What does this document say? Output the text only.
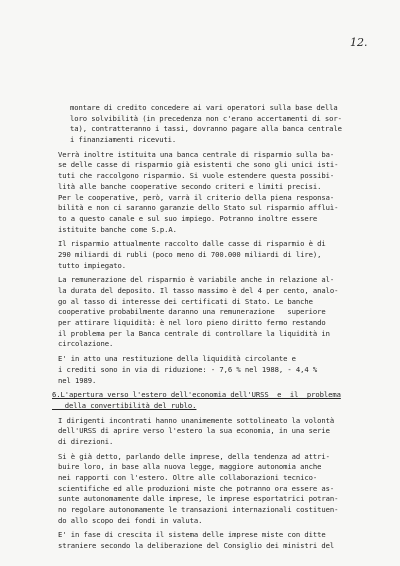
12.
montare di credito concedere ai vari operatori sulla base della
loro solvibilità (in precedenza non c'erano accertamenti di sor-
ta), contratteranno i tassi, dovranno pagare alla banca centrale
i finanziamenti ricevuti.
Verrà inoltre istituita una banca centrale di risparmio sulla ba-
se delle casse di risparmio già esistenti che sono gli unici isti-
tuti che raccolgono risparmio. Si vuole estendere questa possibi-
lità alle banche cooperative secondo criteri e limiti precisi.
Per le cooperative, però, varrà il criterio della piena responsa-
bilità e non ci saranno garanzie dello Stato sul risparmio affluì-
to a questo canale e sul suo impiego. Potranno inoltre essere
istituite banche come S.p.A.
Il risparmio attualmente raccolto dalle casse di risparmio è di
290 miliardi di rubli (poco meno di 700.000 miliardi di lire),
tutto impiegato.
La remunerazione del risparmio è variabile anche in relazione al-
la durata del deposito. Il tasso massimo è del 4 per cento, analo-
go al tasso di interesse dei certificati di Stato. Le banche
cooperative probabilmente daranno una remunerazione   superiore
per attirare liquidità: è nel loro pieno diritto fermo restando
il problema per la Banca centrale di controllare la liquidità in
circolazione.
E' in atto una restituzione della liquidità circolante e
i crediti sono in via di riduzione: - 7,6 % nel 1988, - 4,4 %
nel 1989.
6.L'apertura verso l'estero dell'economia dell'URSS  e  il  problema
della convertibilità del rublo.
I dirigenti incontrati hanno unanimemente sottolineato la volontà
dell'URSS di aprire verso l'estero la sua economia, in una serie
di direzioni.
Si è già detto, parlando delle imprese, della tendenza ad attri-
buire loro, in base alla nuova legge, maggiore autonomia anche
nei rapporti con l'estero. Oltre alle collaborazioni tecnico-
scientifiche ed alle produzioni miste che potranno ora essere as-
sunte autonomamente dalle imprese, le imprese esportatrici potran-
no regolare autonomamente le transazioni internazionali costituen-
do allo scopo dei fondi in valuta.
E' in fase di crescita il sistema delle imprese miste con ditte
straniere secondo la deliberazione del Consiglio dei ministri del
